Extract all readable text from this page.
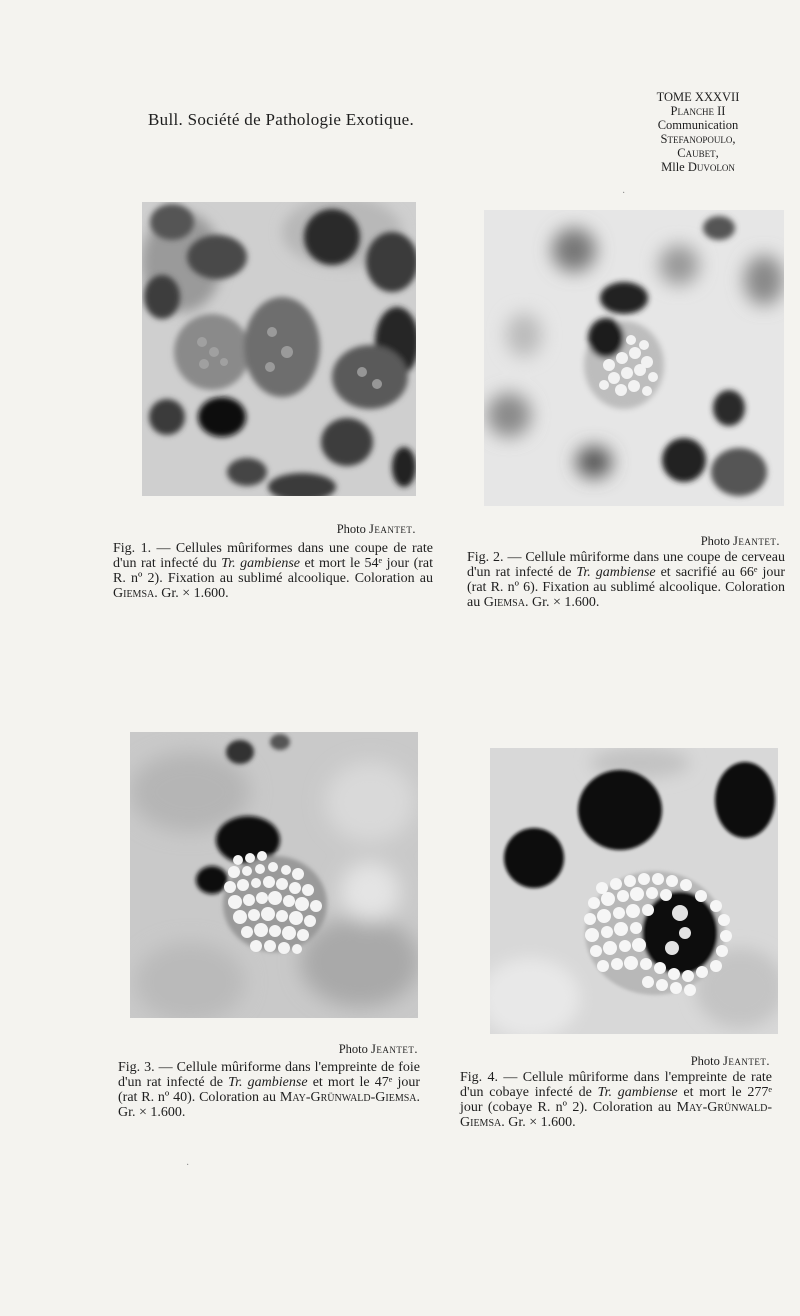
Bull. Société de Pathologie Exotique.
TOME XXXVII
Planche II
Communication
Stefanopoulo,
Caubet,
Mlle Duvolon
·
Photo Jeantet.
Fig. 1. — Cellules mûriformes dans une coupe de rate d'un rat infecté du Tr. gambiense et mort le 54ᵉ jour (rat R. nº 2). Fixation au sublimé alcoolique. Coloration au Giemsa. Gr. × 1.600.
Photo Jeantet.
Fig. 2. — Cellule mûriforme dans une coupe de cerveau d'un rat infecté de Tr. gambiense et sacrifié au 66ᵉ jour (rat R. nº 6). Fixation au sublimé alcoolique. Coloration au Giemsa. Gr. × 1.600.
Photo Jeantet.
Fig. 3. — Cellule mûriforme dans l'empreinte de foie d'un rat infecté de Tr. gambiense et mort le 47ᵉ jour (rat R. nº 40). Coloration au May-Grünwald-Giemsa. Gr. × 1.600.
Photo Jeantet.
Fig. 4. — Cellule mûriforme dans l'empreinte de rate d'un cobaye infecté de Tr. gambiense et mort le 277ᵉ jour (cobaye R. nº 2). Coloration au May-Grünwald-Giemsa. Gr. × 1.600.
·
